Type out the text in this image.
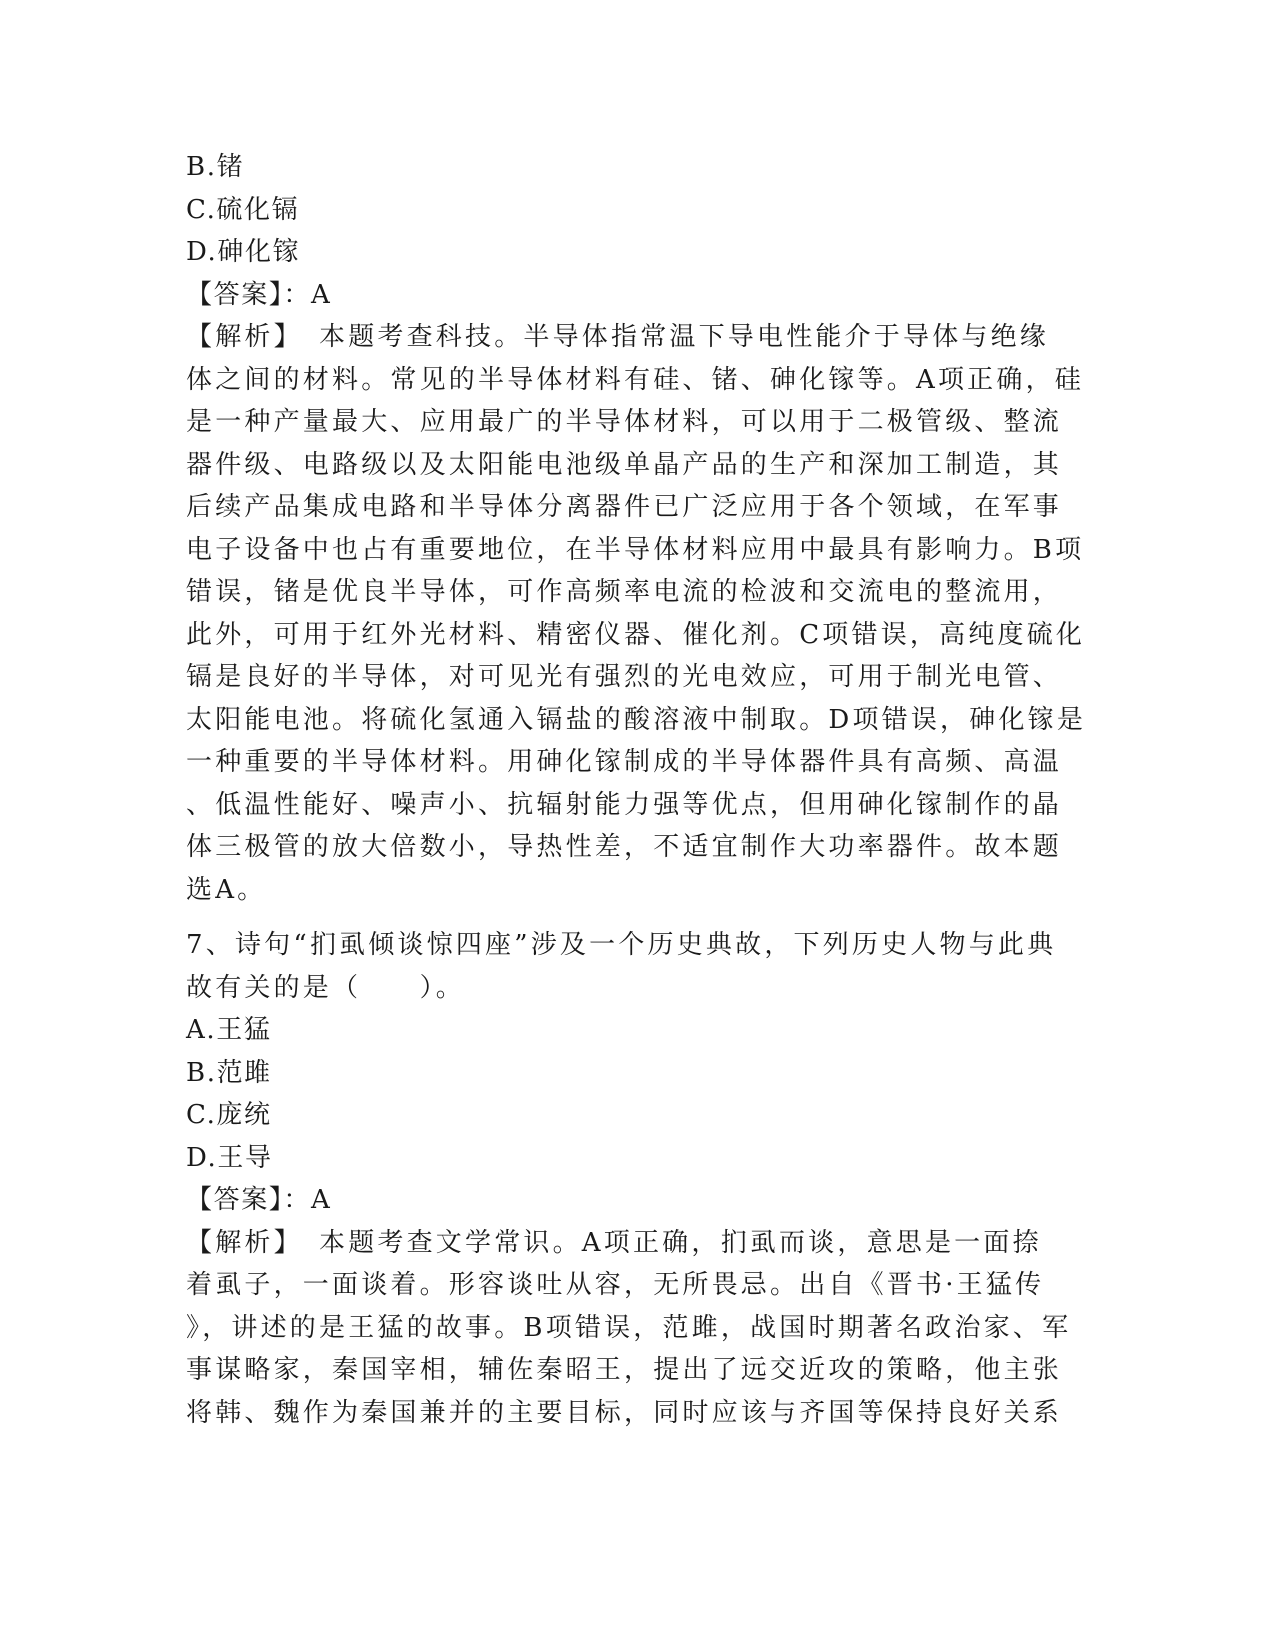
B.锗
C.硫化镉
D.砷化镓
【答案】：A
【解析】　本题考查科技。半导体指常温下导电性能介于导体与绝缘
体之间的材料。常见的半导体材料有硅、锗、砷化镓等。A项正确，硅
是一种产量最大、应用最广的半导体材料，可以用于二极管级、整流
器件级、电路级以及太阳能电池级单晶产品的生产和深加工制造，其
后续产品集成电路和半导体分离器件已广泛应用于各个领域，在军事
电子设备中也占有重要地位，在半导体材料应用中最具有影响力。B项
错误，锗是优良半导体，可作高频率电流的检波和交流电的整流用，
此外，可用于红外光材料、精密仪器、催化剂。C项错误，高纯度硫化
镉是良好的半导体，对可见光有强烈的光电效应，可用于制光电管、
太阳能电池。将硫化氢通入镉盐的酸溶液中制取。D项错误，砷化镓是
一种重要的半导体材料。用砷化镓制成的半导体器件具有高频、高温
、低温性能好、噪声小、抗辐射能力强等优点，但用砷化镓制作的晶
体三极管的放大倍数小，导热性差，不适宜制作大功率器件。故本题
选A。
7、诗句“扪虱倾谈惊四座”涉及一个历史典故，下列历史人物与此典
故有关的是（　　）。
A.王猛
B.范雎
C.庞统
D.王导
【答案】：A
【解析】　本题考查文学常识。A项正确，扪虱而谈，意思是一面捺
着虱子，一面谈着。形容谈吐从容，无所畏忌。出自《晋书·王猛传
》，讲述的是王猛的故事。B项错误，范雎，战国时期著名政治家、军
事谋略家，秦国宰相，辅佐秦昭王，提出了远交近攻的策略，他主张
将韩、魏作为秦国兼并的主要目标，同时应该与齐国等保持良好关系
